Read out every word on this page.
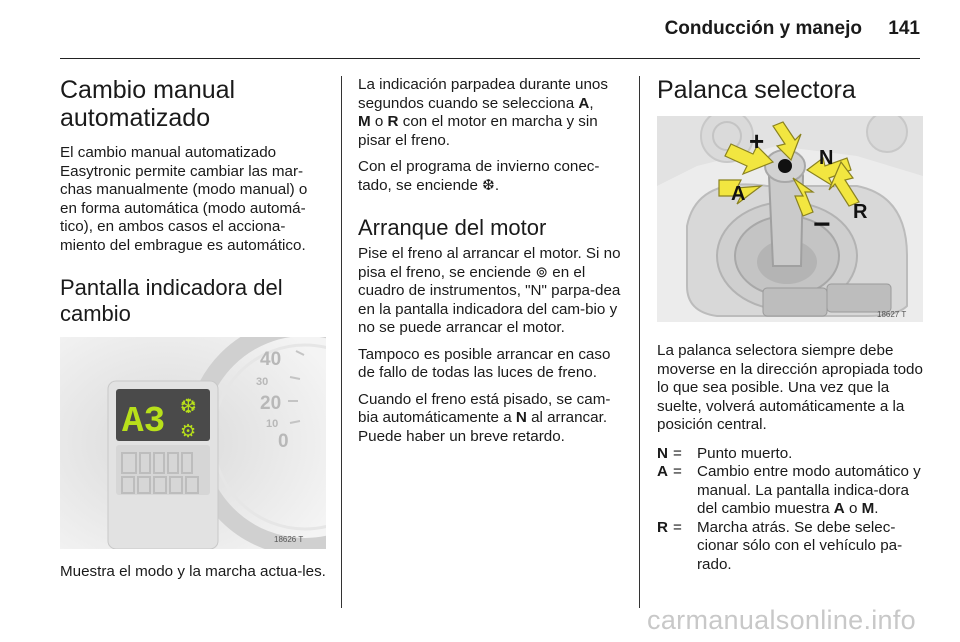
Conducción y manejo 141
Cambio manual automatizado

El cambio manual automatizado Easytronic permite cambiar las mar-chas manualmente (modo manual) o en forma automática (modo automá-tico), en ambos casos el acciona-miento del embrague es automático.

Pantalla indicadora del cambio
40
30
20
10
0
A3 ❆
⚙
18626 T

Muestra el modo y la marcha actua-les.

La indicación parpadea durante unos segundos cuando se selecciona A,
M o R con el motor en marcha y sin pisar el freno.

Con el programa de invierno conec-tado, se enciende ❆.

Arranque del motor

Pise el freno al arrancar el motor. Si no pisa el freno, se enciende ⊚ en el cuadro de instrumentos, "N" parpa-dea en la pantalla indicadora del cam-bio y no se puede arrancar el motor.

Tampoco es posible arrancar en caso de fallo de todas las luces de freno.

Cuando el freno está pisado, se cam-bia automáticamente a N al arrancar. Puede haber un breve retardo.

Palanca selectora
+
−
N
A
R
18627 T

La palanca selectora siempre debe moverse en la dirección apropiada todo lo que sea posible. Una vez que la suelte, volverá automáticamente a la posición central.

N = Punto muerto.
A = Cambio entre modo automático y manual. La pantalla indica-dora del cambio muestra A o M.
R = Marcha atrás. Se debe selec-cionar sólo con el vehículo pa-rado.
carmanualsonline.info
